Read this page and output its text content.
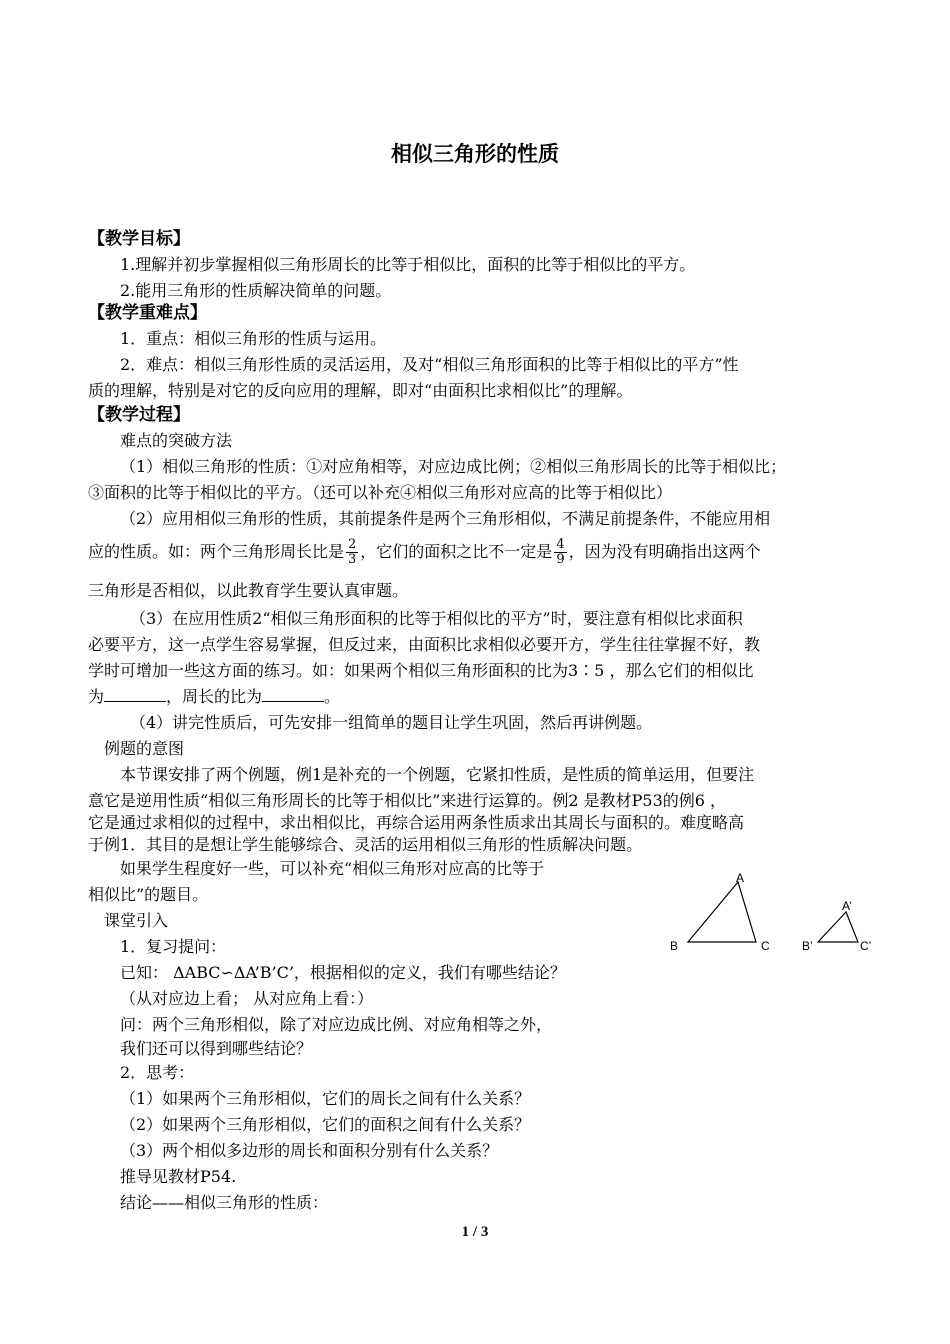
相似三角形的性质
【教学目标】
1.理解并初步掌握相似三角形周长的比等于相似比，面积的比等于相似比的平方。
2.能用三角形的性质解决简单的问题。
【教学重难点】
1．重点：相似三角形的性质与运用。
2．难点：相似三角形性质的灵活运用，及对“相似三角形面积的比等于相似比的平方”性
质的理解，特别是对它的反向应用的理解，即对“由面积比求相似比”的理解。
【教学过程】
难点的突破方法
（1）相似三角形的性质：①对应角相等，对应边成比例；②相似三角形周长的比等于相似比；
③面积的比等于相似比的平方。（还可以补充④相似三角形对应高的比等于相似比）
（2）应用相似三角形的性质，其前提条件是两个三角形相似，不满足前提条件，不能应用相
应的性质。如：两个三角形周长比是 $\frac{2}{3}$ ，它们的面积之比不一定是 $\frac{4}{9}$ ，因为没有明确指出这两个
三角形是否相似，以此教育学生要认真审题。
（3）在应用性质2“相似三角形面积的比等于相似比的平方”时，要注意有相似比求面积
必要平方，这一点学生容易掌握，但反过来，由面积比求相似必要开方，学生往往掌握不好，教
学时可增加一些这方面的练习。如：如果两个相似三角形面积的比为3∶5 ，那么它们的相似比
为	，周长的比为	。
（4）讲完性质后，可先安排一组简单的题目让学生巩固，然后再讲例题。
例题的意图
本节课安排了两个例题，例1是补充的一个例题，它紧扣性质，是性质的简单运用，但要注
意它是逆用性质“相似三角形周长的比等于相似比”来进行运算的。例2 是教材P53的例6 ，
它是通过求相似的过程中，求出相似比，再综合运用两条性质求出其周长与面积的。难度略高
于例1．其目的是想让学生能够综合、灵活的运用相似三角形的性质解决问题。
如果学生程度好一些，可以补充“相似三角形对应高的比等于
相似比”的题目。
课堂引入
1．复习提问：
已知： ΔABC∽ΔA’B’C’，根据相似的定义，我们有哪些结论？
（从对应边上看； 从对应角上看：）
问：两个三角形相似，除了对应边成比例、对应角相等之外，
我们还可以得到哪些结论？
2．思考：
（1）如果两个三角形相似，它们的周长之间有什么关系？
（2）如果两个三角形相似，它们的面积之间有什么关系？
（3）两个相似多边形的周长和面积分别有什么关系？
推导见教材P54.
结论——相似三角形的性质：
A
B	C
A’
B’	C’
1 / 3
